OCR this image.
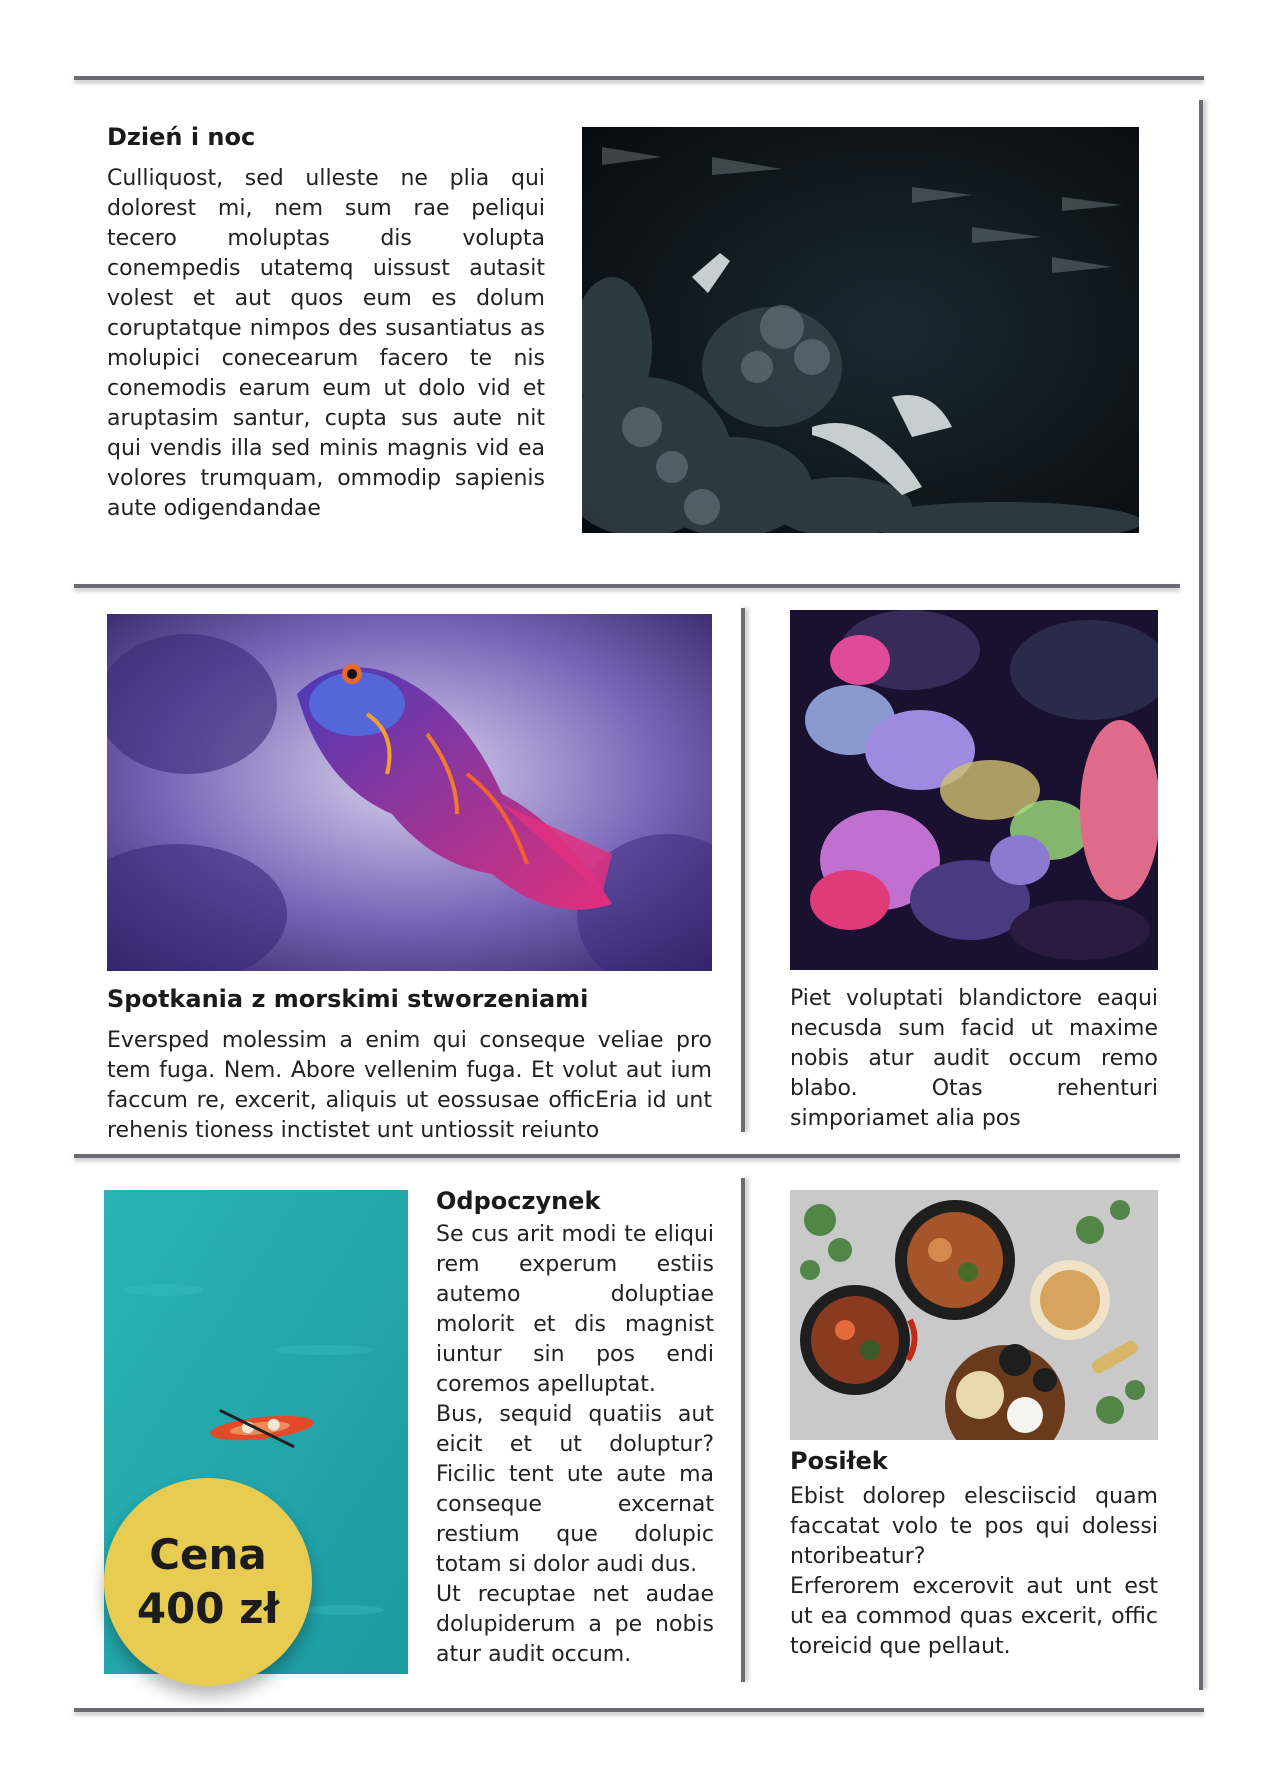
Dzień i noc
Culliquost, sed ulleste ne plia qui dolorest mi, nem sum rae peliqui tecero moluptas dis volupta conempedis utatemq uissust autasit volest et aut quos eum es dolum coruptatque nimpos des susantiatus as molupici conecearum facero te nis conemodis earum eum ut dolo vid et aruptasim santur, cupta sus aute nit qui vendis illa sed minis magnis vid ea volores trumquam, ommodip sapienis aute odigendandae
Spotkania z morskimi stworzeniami
Eversped molessim a enim qui conseque veliae pro tem fuga. Nem. Abore vellenim fuga. Et volut aut ium faccum re, excerit, aliquis ut eossusae officEria id unt rehenis tioness inctistet unt untiossit reiunto
Piet voluptati blandictore eaqui necusda sum facid ut maxime nobis atur audit occum remo blabo. Otas rehenturi simporiamet alia pos
Cena
400 zł
Odpoczynek

Se cus arit modi te eliqui rem experum estiis autemo doluptiae molorit et dis magnist iuntur sin pos endi coremos apelluptat.

Bus, sequid quatiis aut eicit et ut doluptur? Ficilic tent ute aute ma conseque excernat restium que dolupic totam si dolor audi dus.

Ut recuptae net audae dolupiderum a pe nobis atur audit occum.

Posiłek

Ebist dolorep elesciiscid quam faccatat volo te pos qui dolessi ntoribeatur?

Erferorem excerovit aut unt est ut ea commod quas excerit, offic toreicid que pellaut.
